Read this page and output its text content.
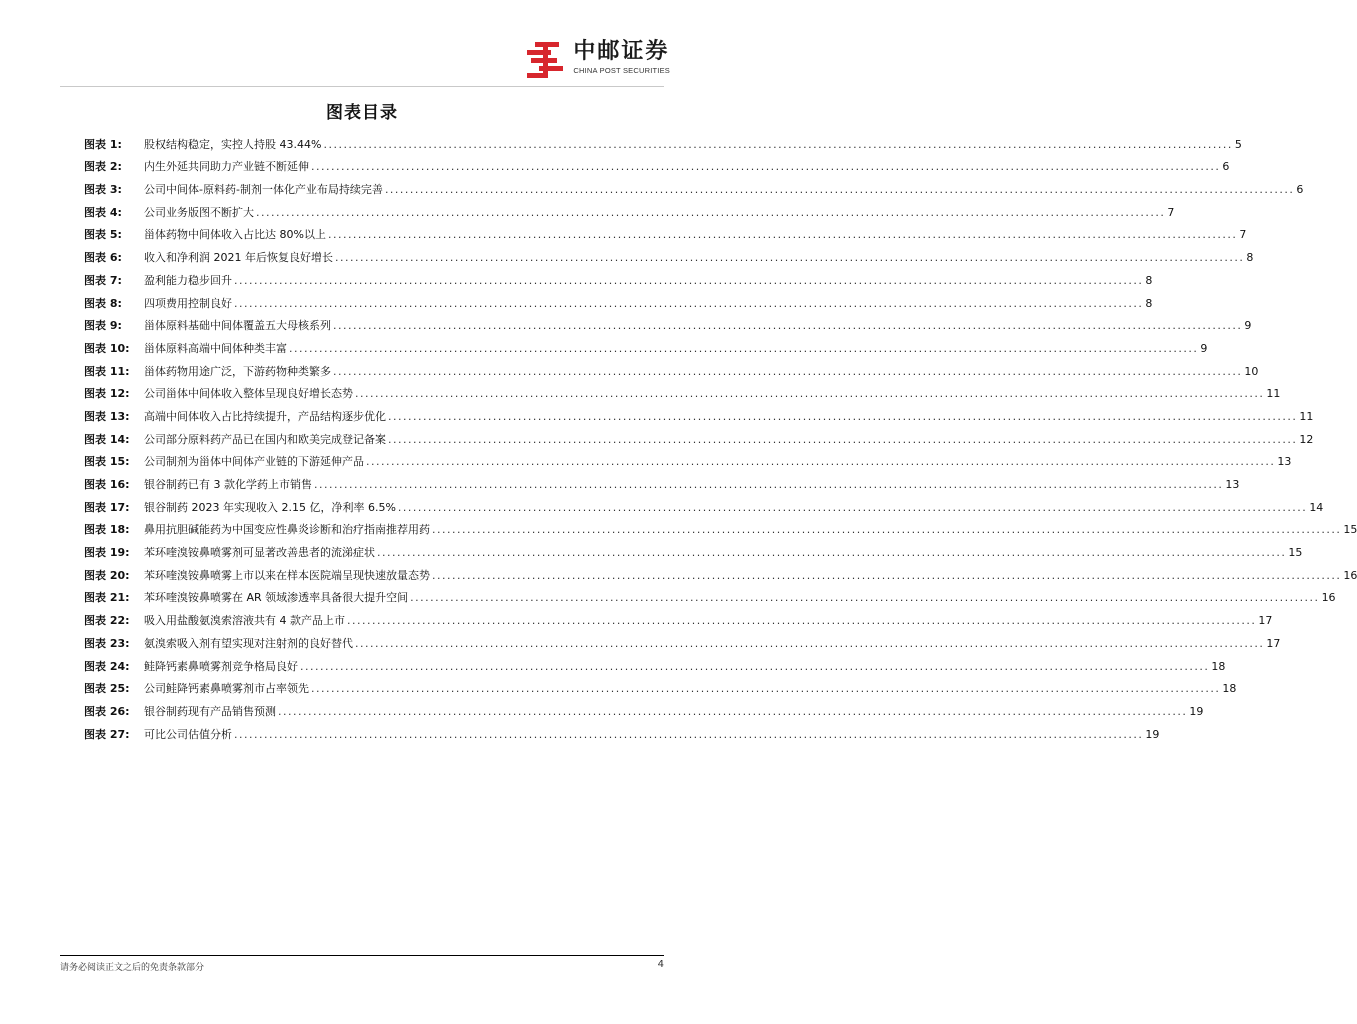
中邮证券
CHINA POST SECURITIES
图表目录
图表 1:	股权结构稳定，实控人持股 43.44% .....	5
图表 2:	内生外延共同助力产业链不断延伸 .....	6
图表 3:	公司中间体-原料药-制剂一体化产业布局持续完善 .....	6
图表 4:	公司业务版图不断扩大 .....	7
图表 5:	甾体药物中间体收入占比达 80%以上 .....	7
图表 6:	收入和净利润 2021 年后恢复良好增长 .....	8
图表 7:	盈利能力稳步回升 .....	8
图表 8:	四项费用控制良好 .....	8
图表 9:	甾体原料基础中间体覆盖五大母核系列 .....	9
图表 10:	甾体原料高端中间体种类丰富 .....	9
图表 11:	甾体药物用途广泛，下游药物种类繁多 .....	10
图表 12:	公司甾体中间体收入整体呈现良好增长态势 .....	11
图表 13:	高端中间体收入占比持续提升，产品结构逐步优化 .....	11
图表 14:	公司部分原料药产品已在国内和欧美完成登记备案 .....	12
图表 15:	公司制剂为甾体中间体产业链的下游延伸产品 .....	13
图表 16:	银谷制药已有 3 款化学药上市销售 .....	13
图表 17:	银谷制药 2023 年实现收入 2.15 亿，净利率 6.5% .....	14
图表 18:	鼻用抗胆碱能药为中国变应性鼻炎诊断和治疗指南推荐用药 .....	15
图表 19:	苯环喹溴铵鼻喷雾剂可显著改善患者的流涕症状 .....	15
图表 20:	苯环喹溴铵鼻喷雾上市以来在样本医院端呈现快速放量态势 .....	16
图表 21:	苯环喹溴铵鼻喷雾在 AR 领域渗透率具备很大提升空间 .....	16
图表 22:	吸入用盐酸氨溴索溶液共有 4 款产品上市 .....	17
图表 23:	氨溴索吸入剂有望实现对注射剂的良好替代 .....	17
图表 24:	鲑降钙素鼻喷雾剂竞争格局良好 .....	18
图表 25:	公司鲑降钙素鼻喷雾剂市占率领先 .....	18
图表 26:	银谷制药现有产品销售预测 .....	19
图表 27:	可比公司估值分析 .....	19
请务必阅读正文之后的免责条款部分	4
